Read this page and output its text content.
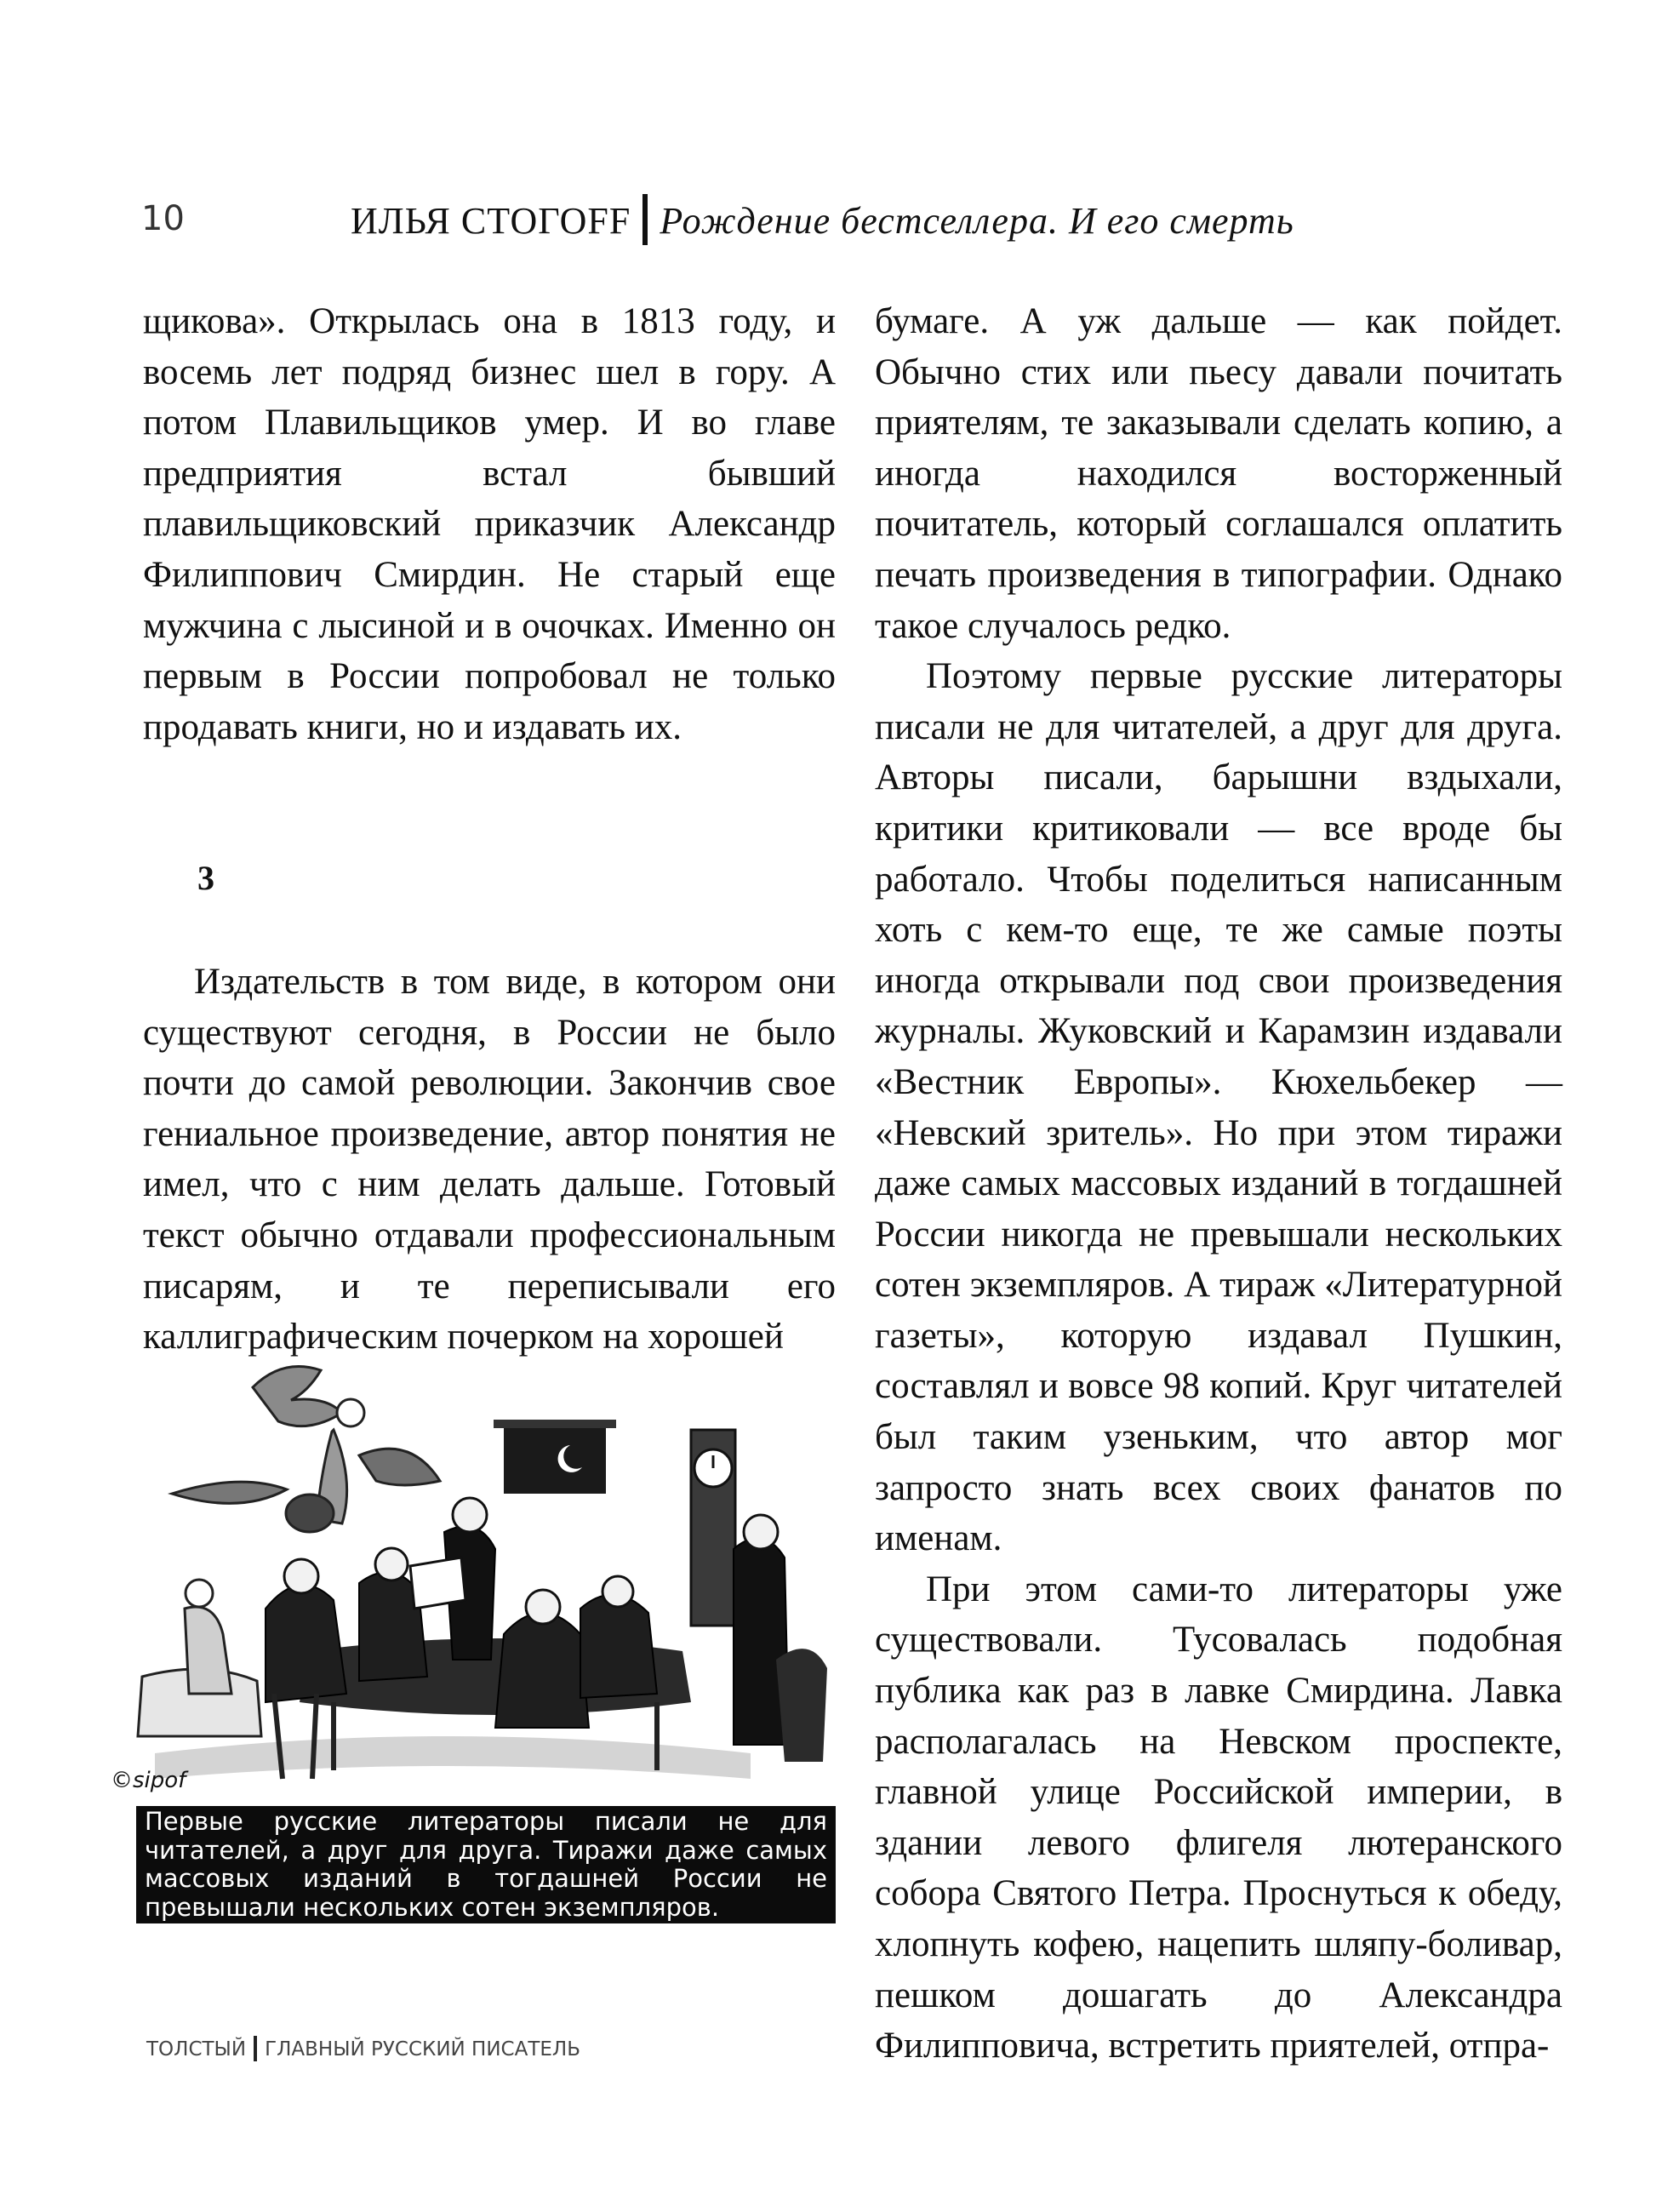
10	ИЛЬЯ СТОГОFF Рождение бестселлера. И его смерть

щикова». Открылась она в 1813 году, и восемь лет подряд бизнес шел в гору. А потом Плавильщиков умер. И во главе предприятия встал бывший плавильщиковский приказчик Александр Филиппович Смирдин. Не старый еще мужчина с лысиной и в очочках. Именно он первым в России попробовал не только продавать книги, но и издавать их.

3

Издательств в том виде, в котором они существуют сегодня, в России не было почти до самой революции. Закончив свое гениальное произведение, автор понятия не имел, что с ним делать дальше. Готовый текст обычно отдавали профессиональным писарям, и те переписывали его каллиграфическим почерком на хорошей

©sipof
Первые русские литераторы писали не для читателей, а друг для друга. Тиражи даже самых массовых изданий в тогдашней России не превышали нескольких сотен экземпляров.

бумаге. А уж дальше — как пойдет. Обычно стих или пьесу давали почитать приятелям, те заказывали сделать копию, а иногда находился восторженный почитатель, который соглашался оплатить печать произведения в типографии. Однако такое случалось редко.

Поэтому первые русские литераторы писали не для читателей, а друг для друга. Авторы писали, барышни вздыхали, критики критиковали — все вроде бы работало. Чтобы поделиться написанным хоть с кем-то еще, те же самые поэты иногда открывали под свои произведения журналы. Жуковский и Карамзин издавали «Вестник Европы». Кюхельбекер — «Невский зритель». Но при этом тиражи даже самых массовых изданий в тогдашней России никогда не превышали нескольких сотен экземпляров. А тираж «Литературной газеты», которую издавал Пушкин, составлял и вовсе 98 копий. Круг читателей был таким узеньким, что автор мог запросто знать всех своих фанатов по именам.

При этом сами-то литераторы уже существовали. Тусовалась подобная публика как раз в лавке Смирдина. Лавка располагалась на Невском проспекте, главной улице Российской империи, в здании левого флигеля лютеранского собора Святого Петра. Проснуться к обеду, хлопнуть кофею, нацепить шляпу-боливар, пешком дошагать до Александра Филипповича, встретить приятелей, отпра-

ТОЛСТЫЙ ГЛАВНЫЙ РУССКИЙ ПИСАТЕЛЬ
